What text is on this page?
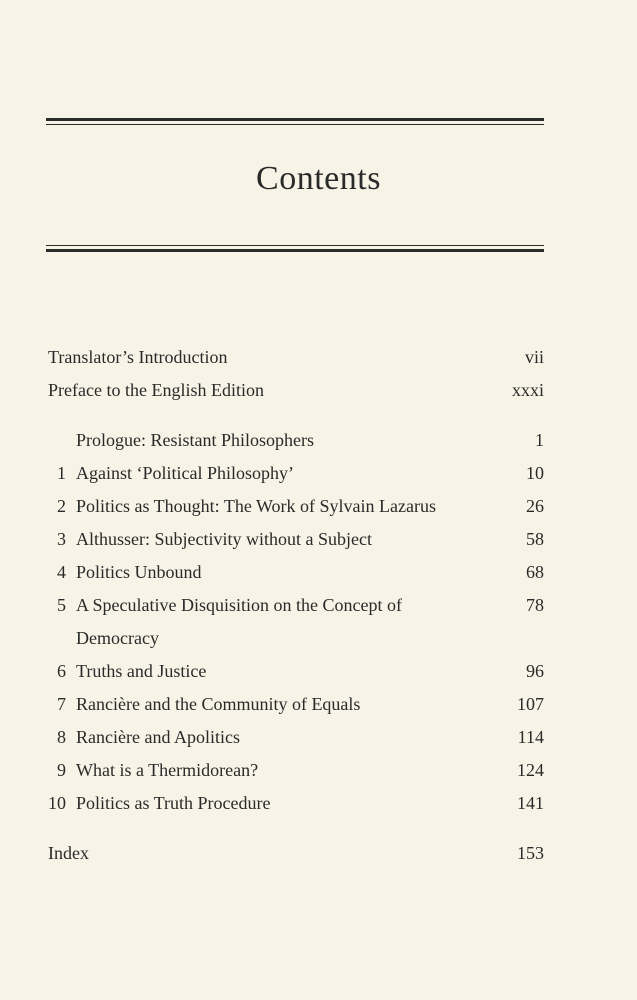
Contents
Translator’s Introduction	vii
Preface to the English Edition	xxxi
Prologue: Resistant Philosophers	1
1 Against ‘Political Philosophy’	10
2 Politics as Thought: The Work of Sylvain Lazarus	26
3 Althusser: Subjectivity without a Subject	58
4 Politics Unbound	68
5 A Speculative Disquisition on the Concept of	78
Democracy
6 Truths and Justice	96
7 Rancière and the Community of Equals	107
8 Rancière and Apolitics	114
9 What is a Thermidorean?	124
10 Politics as Truth Procedure	141
Index	153
